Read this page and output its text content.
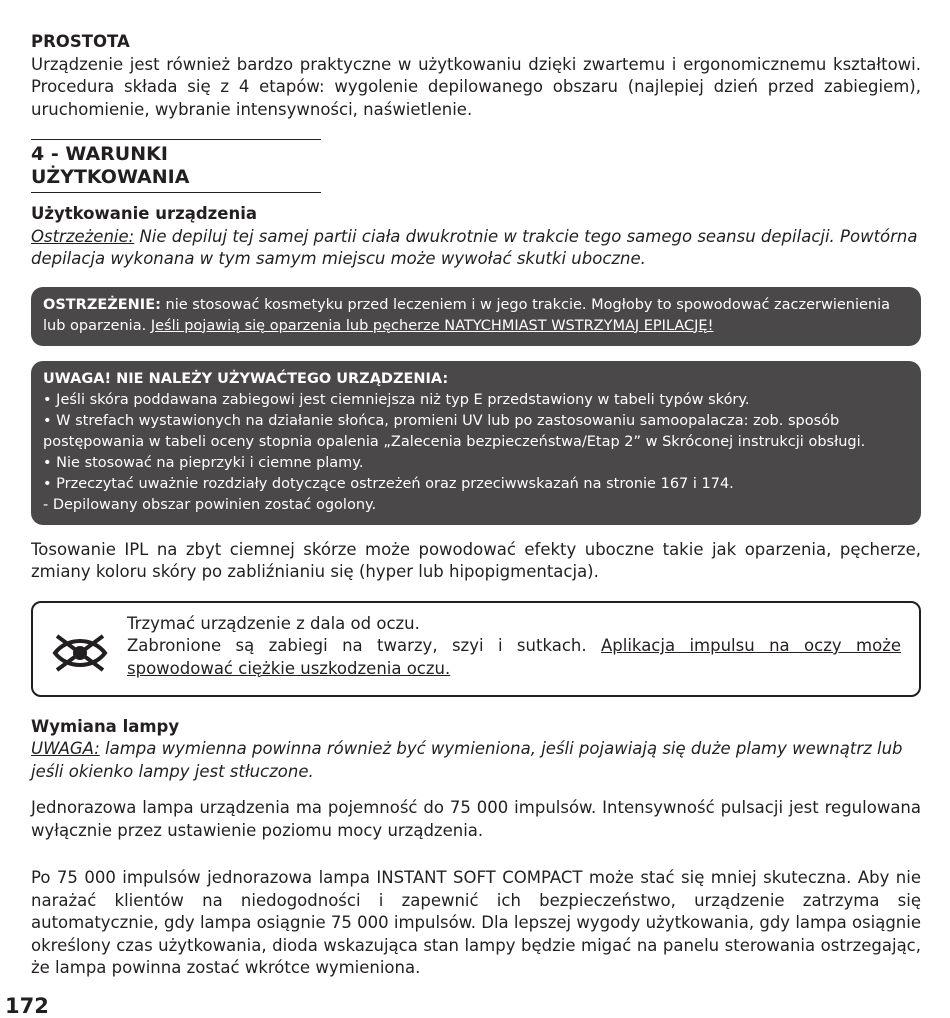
PROSTOTA

Urządzenie jest również bardzo praktyczne w użytkowaniu dzięki zwartemu i ergonomicznemu kształtowi. Procedura składa się z 4 etapów: wygolenie depilowanego obszaru (najlepiej dzień przed zabiegiem), uruchomienie, wybranie intensywności, naświetlenie.

4 - WARUNKI UŻYTKOWANIA

Użytkowanie urządzenia

Ostrzeżenie: Nie depiluj tej samej partii ciała dwukrotnie w trakcie tego samego seansu depilacji. Powtórna depilacja wykonana w tym samym miejscu może wywołać skutki uboczne.

OSTRZEŻENIE: nie stosować kosmetyku przed leczeniem i w jego trakcie. Mogłoby to spowodować zaczerwienienia lub oparzenia. Jeśli pojawią się oparzenia lub pęcherze NATYCHMIAST WSTRZYMAJ EPILACJĘ!
UWAGA! NIE NALEŻY UŻYWAĆTEGO URZĄDZENIA:
• Jeśli skóra poddawana zabiegowi jest ciemniejsza niż typ E przedstawiony w tabeli typów skóry.
• W strefach wystawionych na działanie słońca, promieni UV lub po zastosowaniu samoopalacza: zob. sposób postępowania w tabeli oceny stopnia opalenia „Zalecenia bezpieczeństwa/Etap 2” w Skróconej instrukcji obsługi.
• Nie stosować na pieprzyki i ciemne plamy.
• Przeczytać uważnie rozdziały dotyczące ostrzeżeń oraz przeciwwskazań na stronie 167 i 174.
- Depilowany obszar powinien zostać ogolony.

Tosowanie IPL na zbyt ciemnej skórze może powodować efekty uboczne takie jak oparzenia, pęcherze, zmiany koloru skóry po zabliźnianiu się (hyper lub hipopigmentacja).

Trzymać urządzenie z dala od oczu.
Zabronione są zabiegi na twarzy, szyi i sutkach. Aplikacja impulsu na oczy może spowodować ciężkie uszkodzenia oczu.

Wymiana lampy

UWAGA: lampa wymienna powinna również być wymieniona, jeśli pojawiają się duże plamy wewnątrz lub jeśli okienko lampy jest stłuczone.

Jednorazowa lampa urządzenia ma pojemność do 75 000 impulsów. Intensywność pulsacji jest regulowana wyłącznie przez ustawienie poziomu mocy urządzenia.

Po 75 000 impulsów jednorazowa lampa INSTANT SOFT COMPACT może stać się mniej skuteczna. Aby nie narażać klientów na niedogodności i zapewnić ich bezpieczeństwo, urządzenie zatrzyma się automatycznie, gdy lampa osiągnie 75 000 impulsów. Dla lepszej wygody użytkowania, gdy lampa osiągnie określony czas użytkowania, dioda wskazująca stan lampy będzie migać na panelu sterowania ostrzegając, że lampa powinna zostać wkrótce wymieniona.

172
